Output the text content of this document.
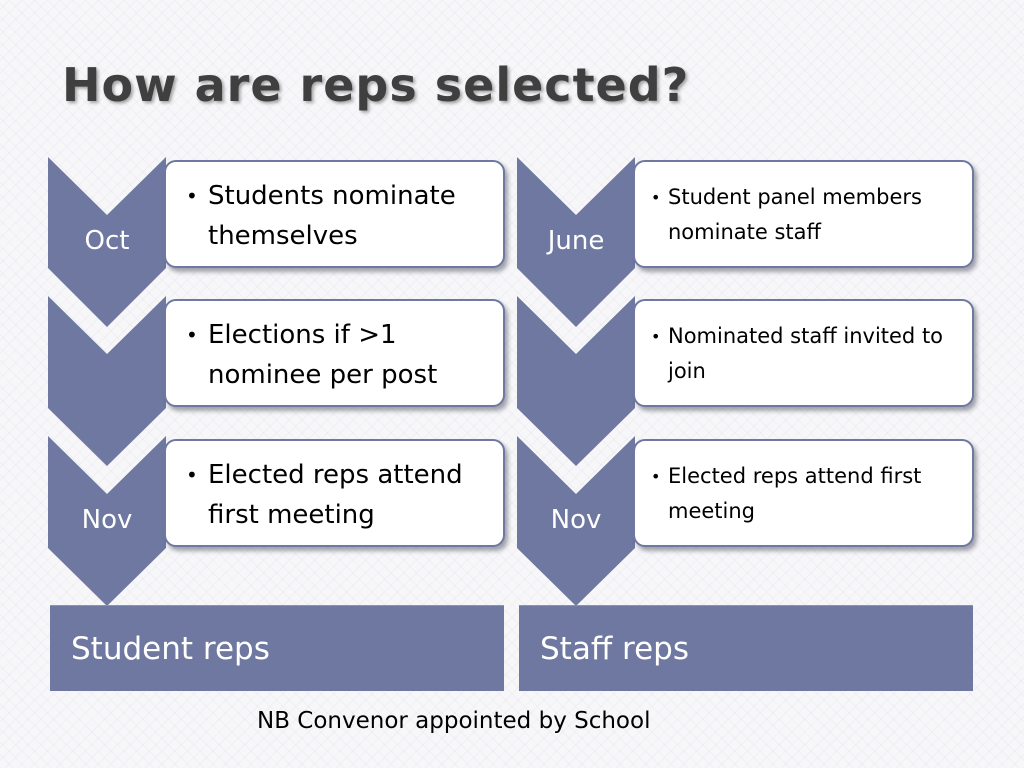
How are reps selected?
Oct
Nov
• Students nominate themselves
• Elections if >1 nominee per post
• Elected reps attend first meeting
Student reps
June
Nov
• Student panel members nominate staff
• Nominated staff invited to join
• Elected reps attend first meeting
Staff reps
NB Convenor appointed by School
